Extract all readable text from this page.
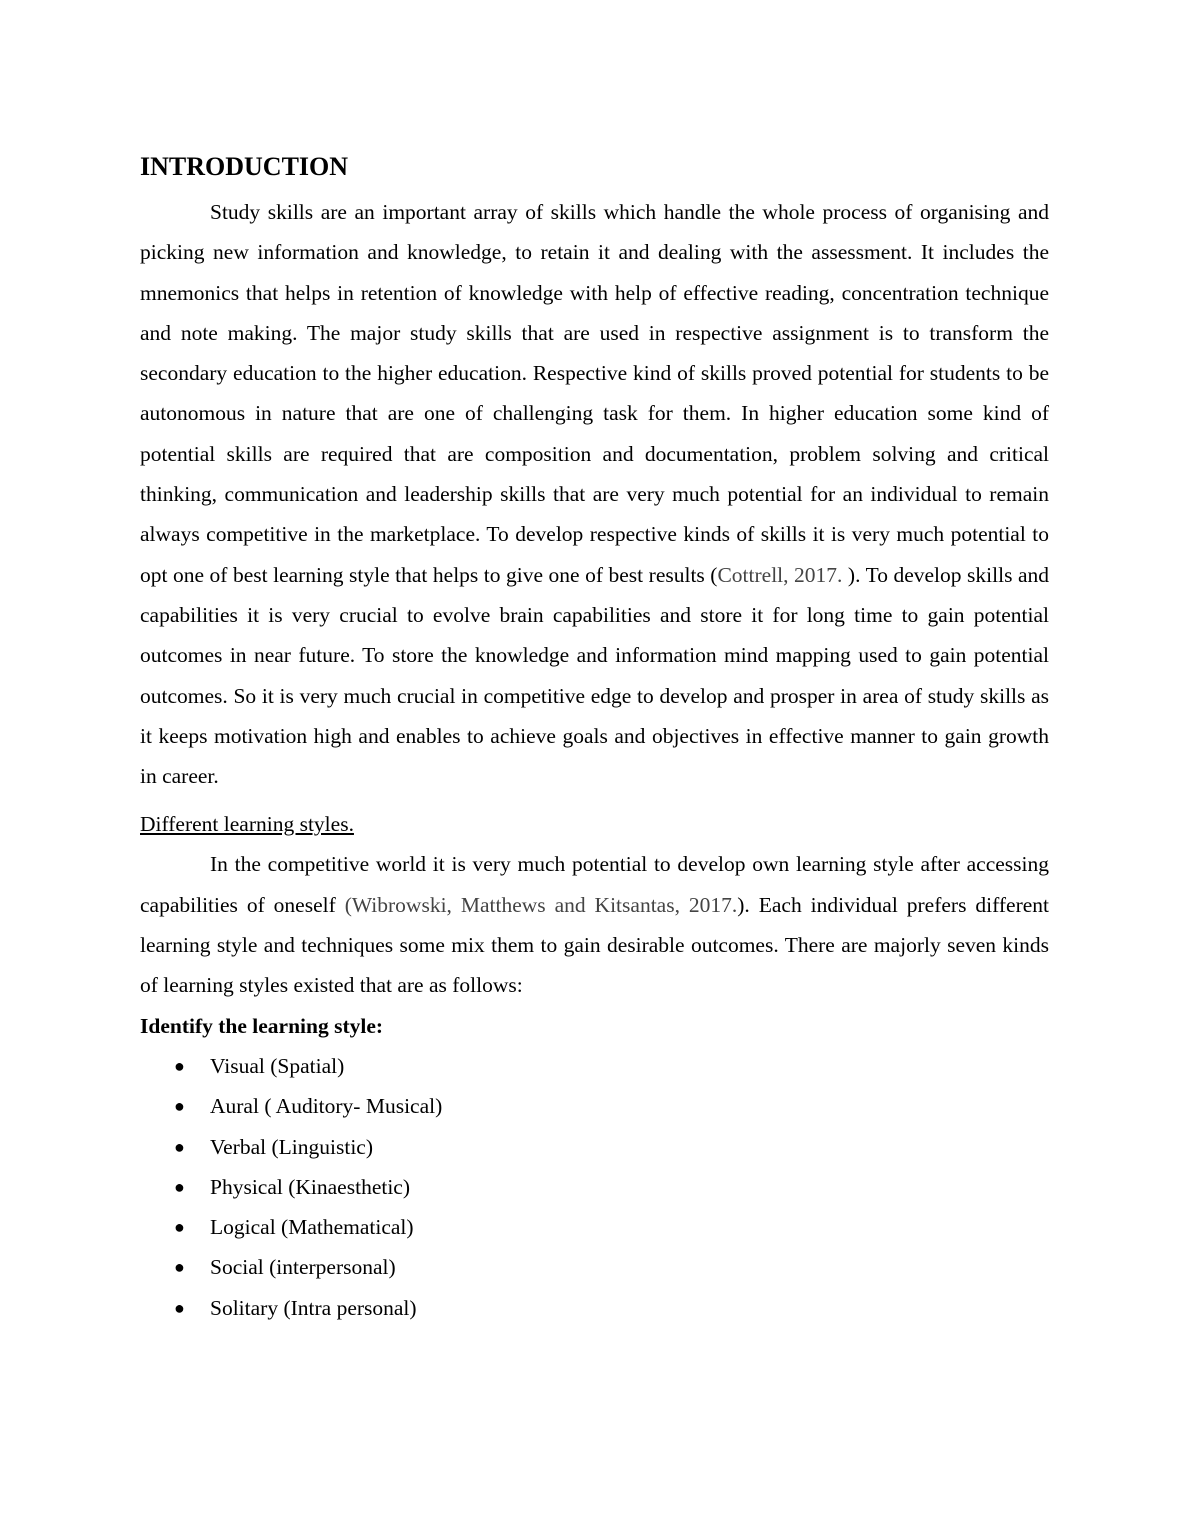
INTRODUCTION

Study skills are an important array of skills which handle the whole process of organising and picking new information and knowledge, to retain it and dealing with the assessment. It includes the mnemonics that helps in retention of knowledge with help of effective reading, concentration technique and note making. The major study skills that are used in respective assignment is to transform the secondary education to the higher education. Respective kind of skills proved potential for students to be autonomous in nature that are one of challenging task for them. In higher education some kind of potential skills are required that are composition and documentation, problem solving and critical thinking, communication and leadership skills that are very much potential for an individual to remain always competitive in the marketplace. To develop respective kinds of skills it is very much potential to opt one of best learning style that helps to give one of best results (Cottrell, 2017. ). To develop skills and capabilities it is very crucial to evolve brain capabilities and store it for long time to gain potential outcomes in near future. To store the knowledge and information mind mapping used to gain potential outcomes. So it is very much crucial in competitive edge to develop and prosper in area of study skills as it keeps motivation high and enables to achieve goals and objectives in effective manner to gain growth in career.

Different learning styles.

In the competitive world it is very much potential to develop own learning style after accessing capabilities of oneself (Wibrowski, Matthews and Kitsantas, 2017.). Each individual prefers different learning style and techniques some mix them to gain desirable outcomes. There are majorly seven kinds of learning styles existed that are as follows:

Identify the learning style:

● Visual (Spatial)
● Aural ( Auditory- Musical)
● Verbal (Linguistic)
● Physical (Kinaesthetic)
● Logical (Mathematical)
● Social (interpersonal)
● Solitary (Intra personal)
